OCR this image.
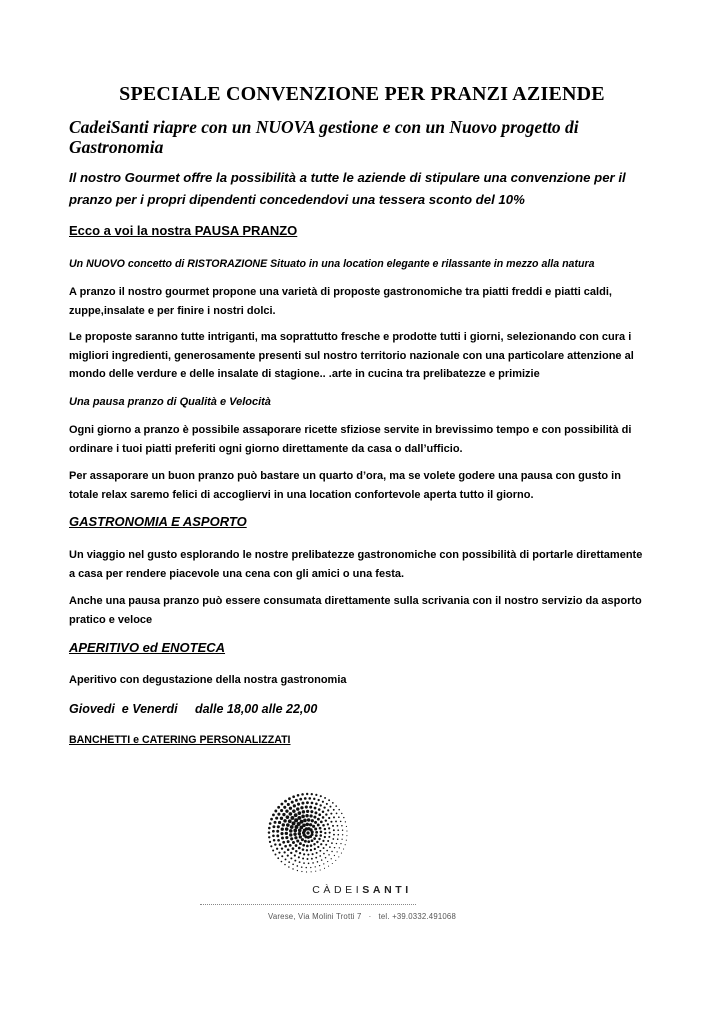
SPECIALE CONVENZIONE PER PRANZI AZIENDE
CadeiSanti riapre con un NUOVA gestione e con un Nuovo progetto di Gastronomia
Il nostro Gourmet offre la possibilità a tutte le aziende di stipulare una convenzione per il pranzo per i propri dipendenti concedendovi una tessera sconto del 10%
Ecco a voi la nostra PAUSA PRANZO
Un NUOVO concetto di RISTORAZIONE Situato in una location elegante e rilassante in mezzo alla natura
A pranzo il nostro gourmet propone una varietà di proposte gastronomiche tra piatti freddi e piatti caldi, zuppe,insalate e per finire i nostri dolci.
Le proposte saranno tutte intriganti, ma soprattutto fresche e prodotte tutti i giorni, selezionando con cura i migliori ingredienti, generosamente presenti sul nostro territorio nazionale con una particolare attenzione al mondo delle verdure e delle insalate di stagione.. .arte in cucina tra prelibatezze e primizie
Una pausa pranzo di Qualità e Velocità
Ogni giorno a pranzo è possibile assaporare ricette sfiziose servite in brevissimo tempo e con possibilità di ordinare i tuoi piatti preferiti ogni giorno direttamente da casa o dall’ufficio.
Per assaporare un buon pranzo può bastare un quarto d’ora, ma se volete godere una pausa con gusto in totale relax saremo felici di accogliervi in una location confortevole aperta tutto il giorno.
GASTRONOMIA E ASPORTO
Un viaggio nel gusto esplorando le nostre prelibatezze gastronomiche con possibilità di portarle direttamente a casa per rendere piacevole una cena con gli amici o una festa.
Anche una pausa pranzo può essere consumata direttamente sulla scrivania con il nostro servizio da asporto pratico e veloce
APERITIVO ed ENOTECA
Aperitivo con degustazione della nostra gastronomia
Giovedi  e Venerdi     dalle 18,00 alle 22,00
BANCHETTI e CATERING PERSONALIZZATI
CÀDEISANTI
Varese, Via Molini Trotti 7   ·   tel. +39.0332.491068
